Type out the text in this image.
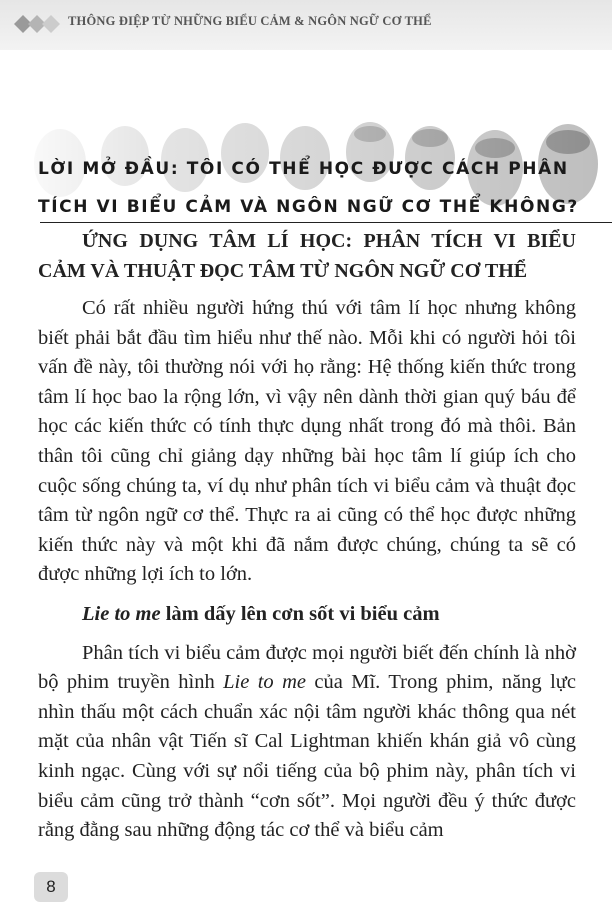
THÔNG ĐIỆP TỪ NHỮNG BIỂU CẢM & NGÔN NGỮ CƠ THỂ
LỜI MỞ ĐẦU: TÔI CÓ THỂ HỌC ĐƯỢC CÁCH PHÂN TÍCH VI BIỂU CẢM VÀ NGÔN NGỮ CƠ THỂ KHÔNG?

ỨNG DỤNG TÂM LÍ HỌC: PHÂN TÍCH VI BIỂU CẢM VÀ THUẬT ĐỌC TÂM TỪ NGÔN NGỮ CƠ THỂ

Có rất nhiều người hứng thú với tâm lí học nhưng không biết phải bắt đầu tìm hiểu như thế nào. Mỗi khi có người hỏi tôi vấn đề này, tôi thường nói với họ rằng: Hệ thống kiến thức trong tâm lí học bao la rộng lớn, vì vậy nên dành thời gian quý báu để học các kiến thức có tính thực dụng nhất trong đó mà thôi. Bản thân tôi cũng chỉ giảng dạy những bài học tâm lí giúp ích cho cuộc sống chúng ta, ví dụ như phân tích vi biểu cảm và thuật đọc tâm từ ngôn ngữ cơ thể. Thực ra ai cũng có thể học được những kiến thức này và một khi đã nắm được chúng, chúng ta sẽ có được những lợi ích to lớn.

Lie to me làm dấy lên cơn sốt vi biểu cảm

Phân tích vi biểu cảm được mọi người biết đến chính là nhờ bộ phim truyền hình Lie to me của Mĩ. Trong phim, năng lực nhìn thấu một cách chuẩn xác nội tâm người khác thông qua nét mặt của nhân vật Tiến sĩ Cal Lightman khiến khán giả vô cùng kinh ngạc. Cùng với sự nổi tiếng của bộ phim này, phân tích vi biểu cảm cũng trở thành “cơn sốt”. Mọi người đều ý thức được rằng đằng sau những động tác cơ thể và biểu cảm

8
